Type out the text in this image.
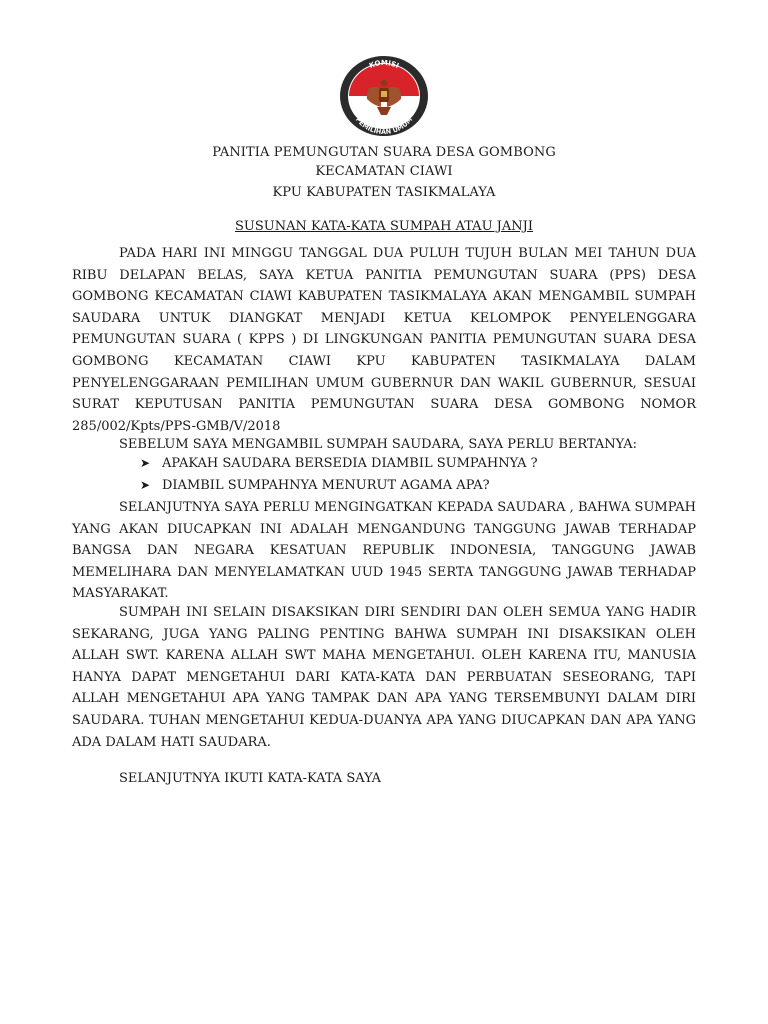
KOMISI
PEMILIHAN UMUM
PANITIA PEMUNGUTAN SUARA DESA GOMBONG
KECAMATAN CIAWI
KPU KABUPATEN TASIKMALAYA
SUSUNAN KATA-KATA SUMPAH ATAU JANJI

PADA HARI INI MINGGU TANGGAL DUA PULUH TUJUH BULAN MEI TAHUN DUA RIBU DELAPAN BELAS, SAYA KETUA PANITIA PEMUNGUTAN SUARA (PPS) DESA GOMBONG KECAMATAN CIAWI KABUPATEN TASIKMALAYA AKAN MENGAMBIL SUMPAH SAUDARA UNTUK DIANGKAT MENJADI KETUA KELOMPOK PENYELENGGARA PEMUNGUTAN SUARA ( KPPS ) DI LINGKUNGAN PANITIA PEMUNGUTAN SUARA DESA GOMBONG KECAMATAN CIAWI KPU KABUPATEN TASIKMALAYA DALAM PENYELENGGARAAN PEMILIHAN UMUM GUBERNUR DAN WAKIL GUBERNUR, SESUAI SURAT KEPUTUSAN PANITIA PEMUNGUTAN SUARA DESA GOMBONG NOMOR 285/002/Kpts/PPS-GMB/V/2018

SEBELUM SAYA MENGAMBIL SUMPAH SAUDARA, SAYA PERLU BERTANYA:

➤ APAKAH SAUDARA BERSEDIA DIAMBIL SUMPAHNYA ?
➤ DIAMBIL SUMPAHNYA MENURUT AGAMA APA?

SELANJUTNYA SAYA PERLU MENGINGATKAN KEPADA SAUDARA , BAHWA SUMPAH YANG AKAN DIUCAPKAN INI ADALAH MENGANDUNG TANGGUNG JAWAB TERHADAP BANGSA DAN NEGARA KESATUAN REPUBLIK INDONESIA, TANGGUNG JAWAB MEMELIHARA DAN MENYELAMATKAN UUD 1945 SERTA TANGGUNG JAWAB TERHADAP MASYARAKAT.

SUMPAH INI SELAIN DISAKSIKAN DIRI SENDIRI DAN OLEH SEMUA YANG HADIR SEKARANG, JUGA YANG PALING PENTING BAHWA SUMPAH INI DISAKSIKAN OLEH ALLAH SWT. KARENA ALLAH SWT MAHA MENGETAHUI. OLEH KARENA ITU, MANUSIA HANYA DAPAT MENGETAHUI DARI KATA-KATA DAN PERBUATAN SESEORANG, TAPI ALLAH MENGETAHUI APA YANG TAMPAK DAN APA YANG TERSEMBUNYI DALAM DIRI SAUDARA. TUHAN MENGETAHUI KEDUA-DUANYA APA YANG DIUCAPKAN DAN APA YANG ADA DALAM HATI SAUDARA.

SELANJUTNYA IKUTI KATA-KATA SAYA
